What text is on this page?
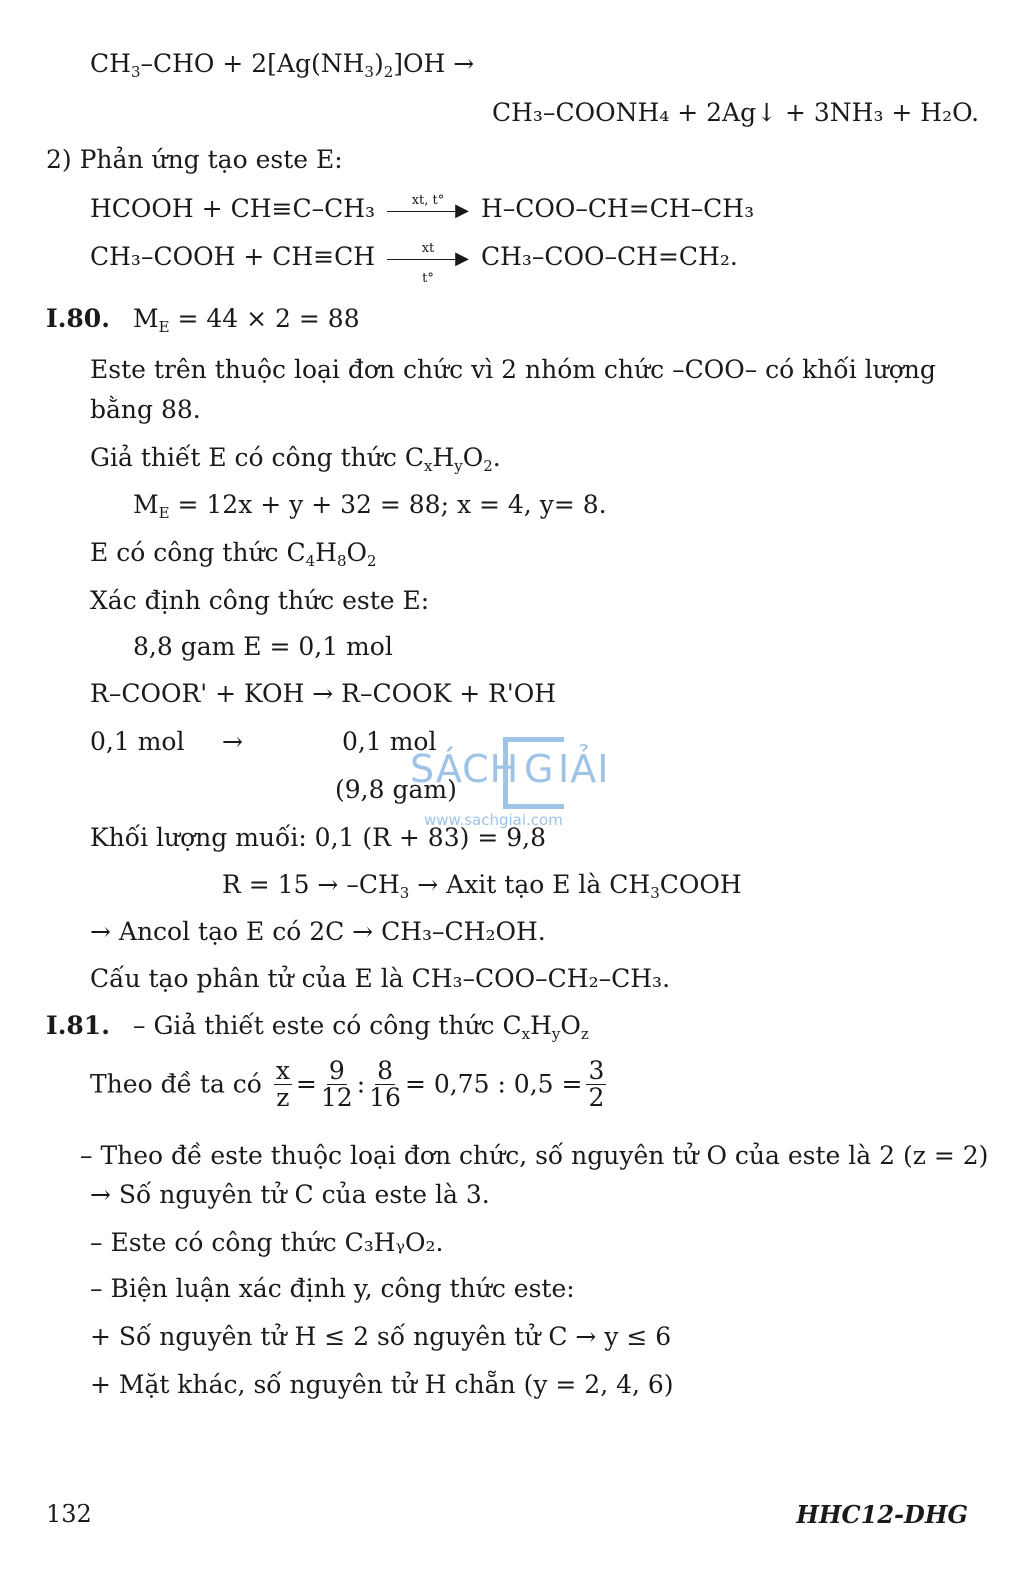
$CH_3$–CHO + $2[Ag(NH_3)_2]OH$ →
CH₃–COONH₄ + 2Ag↓ + 3NH₃ + H₂O.
2) Phản ứng tạo este E:
HCOOH + CH≡C–CH₃	xt, t° ▶ H–COO–CH=CH–CH₃
CH₃–COOH + CH≡CH	xt	▶
t°
CH₃–COO–CH=CH₂.
I.80. $M_E = 44 \times 2 = 88$
Este trên thuộc loại đơn chức vì 2 nhóm chức –COO– có khối lượng
bằng 88.
Giả thiết E có công thức $C_xH_yO_2$.
$M_E = 12x + y + 32 = 88$; x = 4, y= 8.
E có công thức $C_4H_8O_2$
Xác định công thức este E:
8,8 gam E = 0,1 mol
R–COOR' + KOH → R–COOK + R'OH
0,1 mol →	0,1 mol
(9,8 gam)
SÁCH G IẢI
www.sachgiai.com
Khối lượng muối: 0,1 (R + 83) = 9,8
$R = 15 \to -CH_3$ → Axit tạo E là $CH_3COOH$
→ Ancol tạo E có 2C → CH₃–CH₂OH.
Cấu tạo phân tử của E là CH₃–COO–CH₂–CH₃.
I.81. – Giả thiết este có công thức $C_xH_yO_z$
Theo đề ta có $\frac{x}{z} = \frac{9}{12}$ : $\frac{8}{16} = 0,75$ : $0,5 = \frac{3}{2}$
– Theo đề este thuộc loại đơn chức, số nguyên tử O của este là 2 (z = 2)
→ Số nguyên tử C của este là 3.
– Este có công thức C₃HᵧO₂.
– Biện luận xác định y, công thức este:
+ Số nguyên tử H ≤ 2 số nguyên tử C → y ≤ 6
+ Mặt khác, số nguyên tử H chẵn (y = 2, 4, 6)
132	HHC12-DHG
